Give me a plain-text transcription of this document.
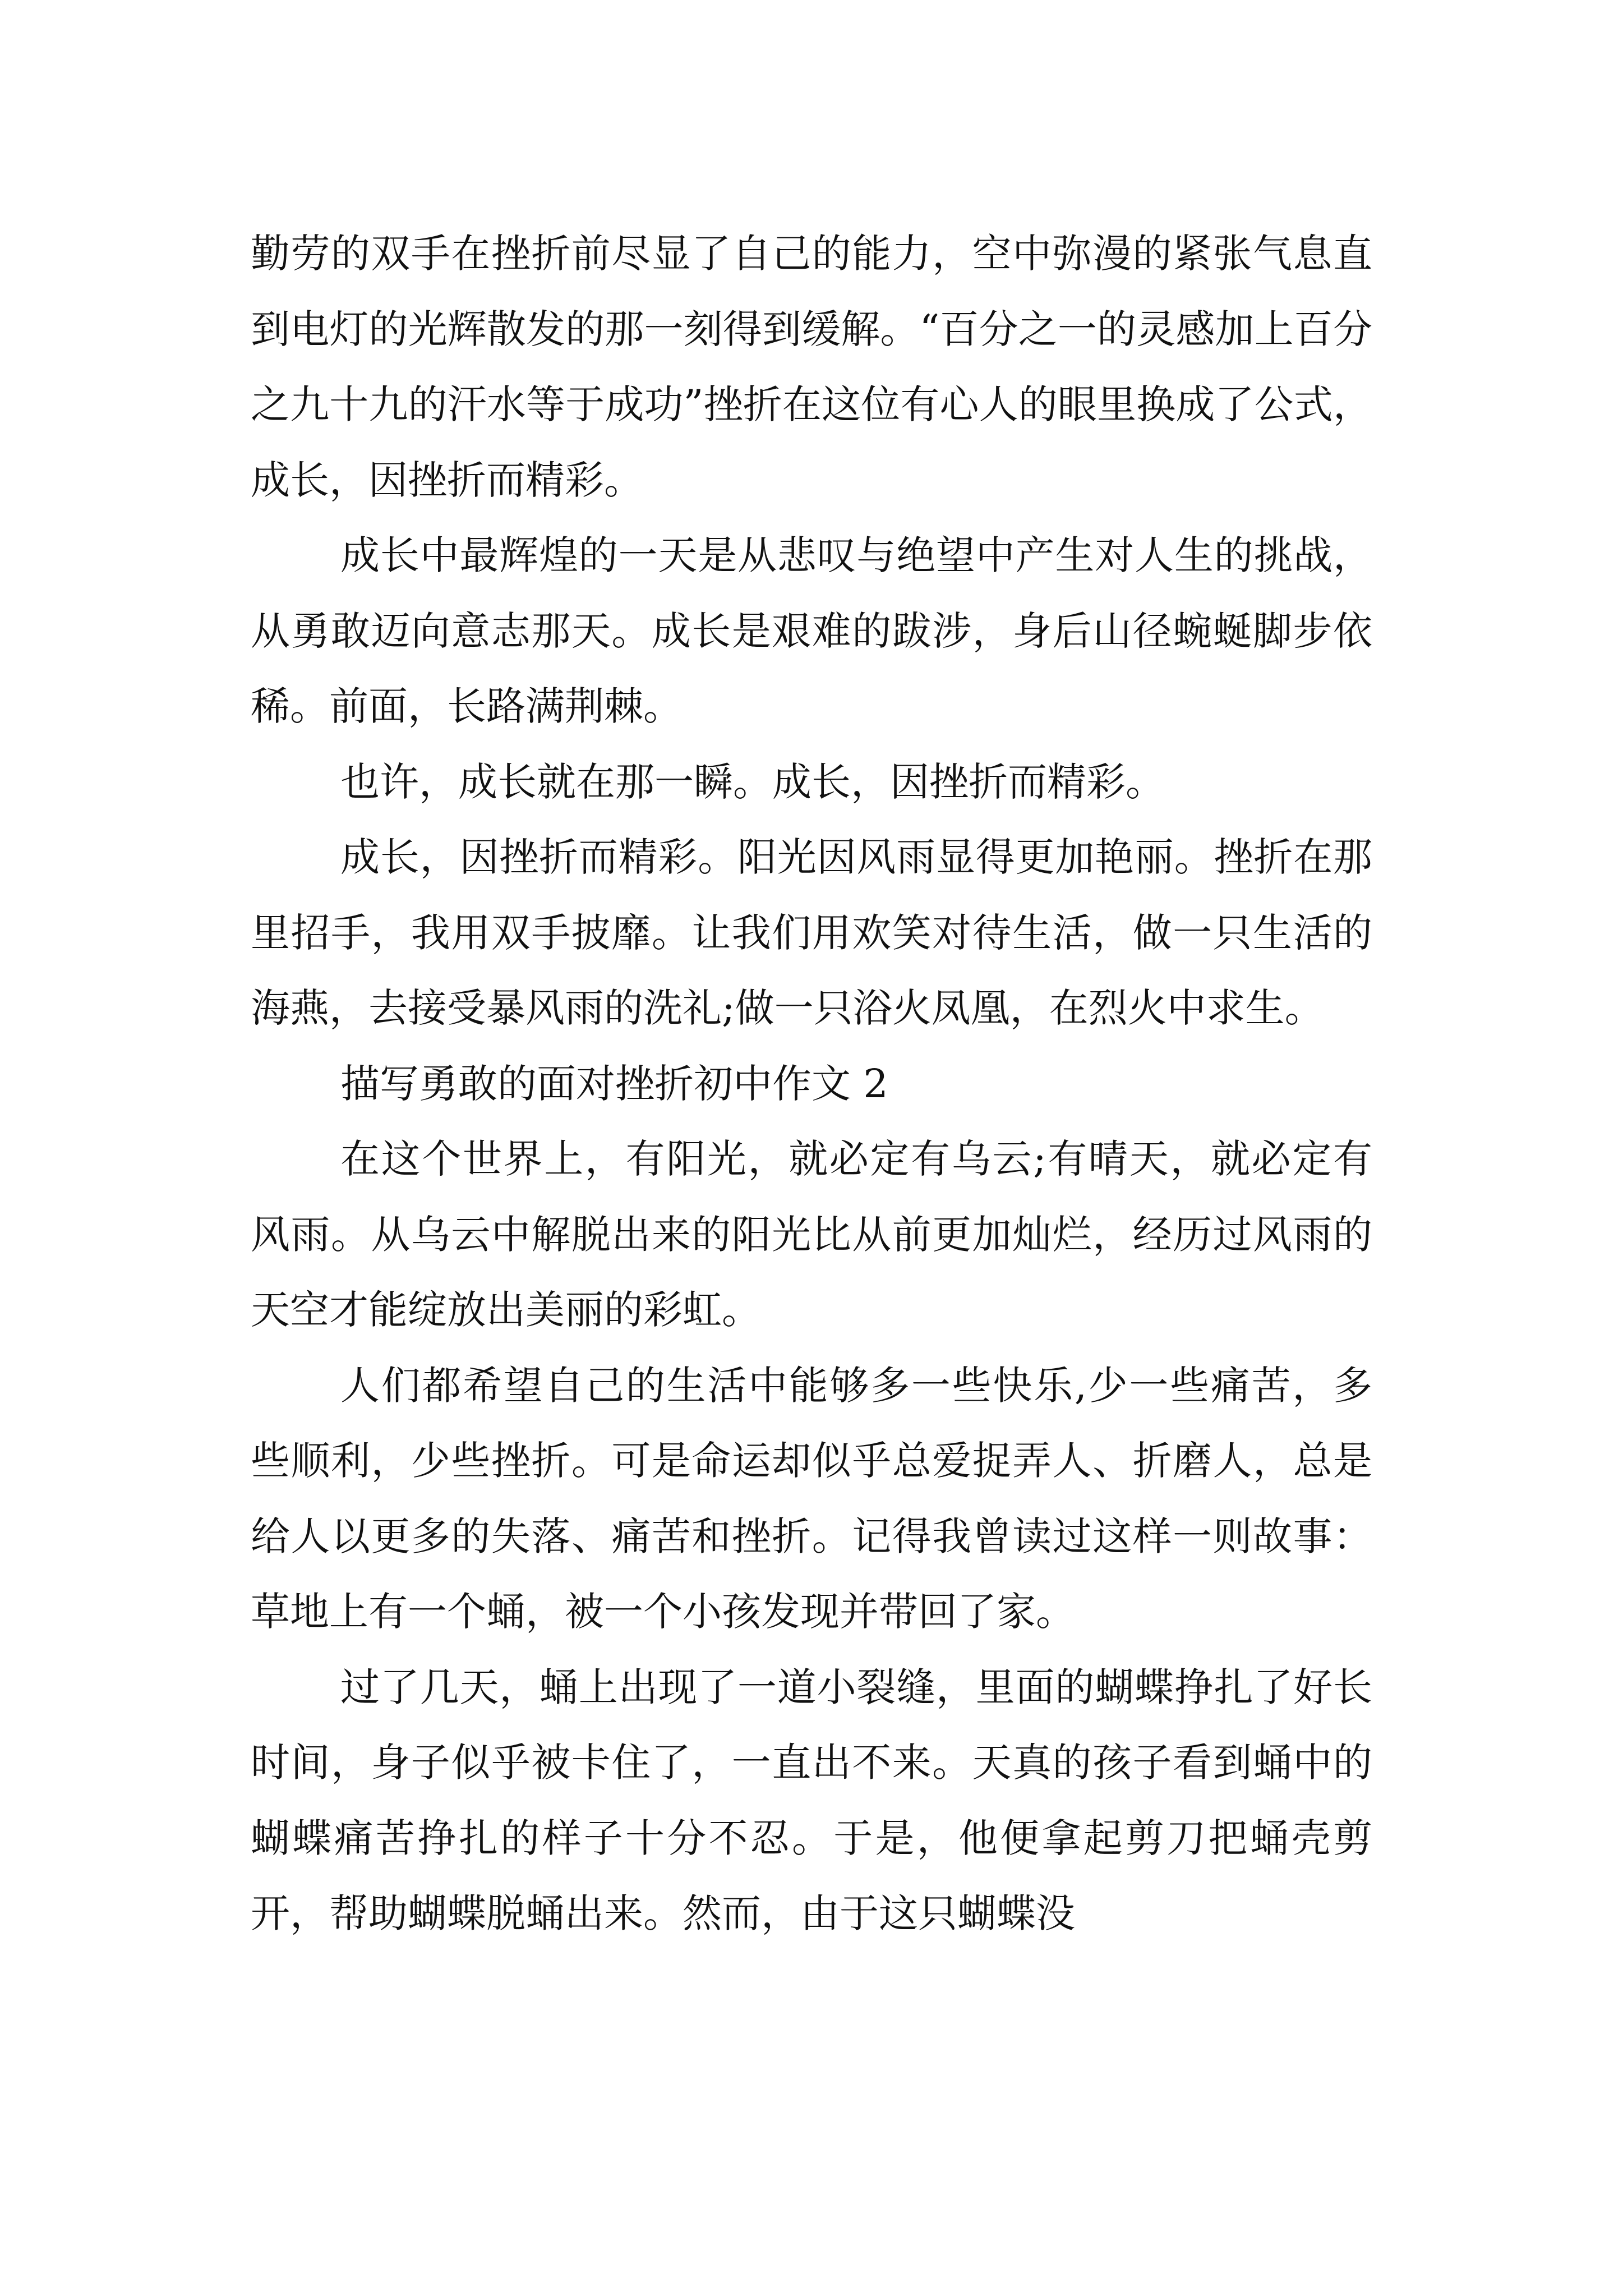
勤劳的双手在挫折前尽显了自己的能力，空中弥漫的紧张气息直到电灯的光辉散发的那一刻得到缓解。“百分之一的灵感加上百分之九十九的汗水等于成功”挫折在这位有心人的眼里换成了公式，成长，因挫折而精彩。

成长中最辉煌的一天是从悲叹与绝望中产生对人生的挑战，从勇敢迈向意志那天。成长是艰难的跋涉，身后山径蜿蜒脚步依稀。前面，长路满荆棘。

也许，成长就在那一瞬。成长，因挫折而精彩。

成长，因挫折而精彩。阳光因风雨显得更加艳丽。挫折在那里招手，我用双手披靡。让我们用欢笑对待生活，做一只生活的海燕，去接受暴风雨的洗礼;做一只浴火凤凰，在烈火中求生。

描写勇敢的面对挫折初中作文 2

在这个世界上，有阳光，就必定有乌云;有晴天，就必定有风雨。从乌云中解脱出来的阳光比从前更加灿烂，经历过风雨的天空才能绽放出美丽的彩虹。

人们都希望自己的生活中能够多一些快乐,少一些痛苦，多些顺利，少些挫折。可是命运却似乎总爱捉弄人、折磨人，总是给人以更多的失落、痛苦和挫折。记得我曾读过这样一则故事：草地上有一个蛹，被一个小孩发现并带回了家。

过了几天，蛹上出现了一道小裂缝，里面的蝴蝶挣扎了好长时间，身子似乎被卡住了，一直出不来。天真的孩子看到蛹中的蝴蝶痛苦挣扎的样子十分不忍。于是，他便拿起剪刀把蛹壳剪开，帮助蝴蝶脱蛹出来。然而，由于这只蝴蝶没
